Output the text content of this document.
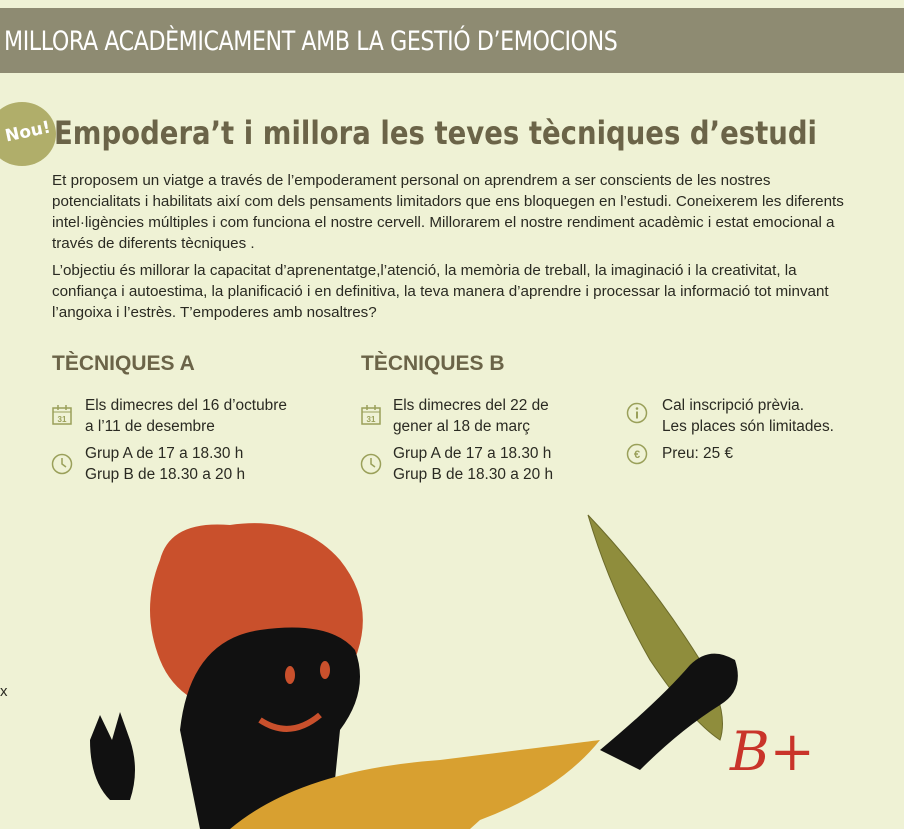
MILLORA ACADÈMICAMENT AMB LA GESTIÓ D’EMOCIONS
Nou! Empodera’t i millora les teves tècniques d’estudi

Et proposem un viatge a través de l’empoderament personal on aprendrem a ser conscients de les nostres potencialitats i habilitats així com dels pensaments limitadors que ens bloquegen en l’estudi. Coneixerem les diferents intel·ligències múltiples i com funciona el nostre cervell. Millorarem el nostre rendiment acadèmic i estat emocional a través de diferents tècniques .

L’objectiu és millorar la capacitat d’aprenentatge,l’atenció, la memòria de treball, la imaginació i la creativitat, la confiança i autoestima, la planificació i en definitiva, la teva manera d’aprendre i processar la informació tot minvant l’angoixa i l’estrès. T’empoderes amb nosaltres?

TÈCNIQUES A
31
Els dimecres del 16 d’octubre
a l’11 de desembre
Grup A de 17 a 18.30 h
Grup B de 18.30 a 20 h
TÈCNIQUES B
31
Els dimecres del 22 de
gener al 18 de març
Grup A de 17 a 18.30 h
Grup B de 18.30 a 20 h
Cal inscripció prèvia.
Les places són limitades.
€ Preu: 25 €
x
B+
